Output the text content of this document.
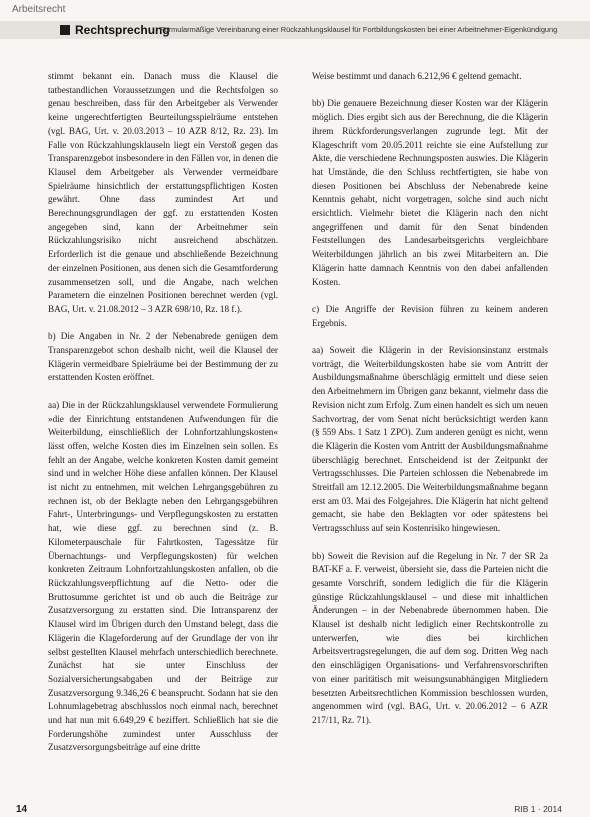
Arbeitsrecht
Rechtsprechung
Formularmäßige Vereinbarung einer Rückzahlungsklausel für Fortbildungskosten bei einer Arbeitnehmer-Eigenkündigung

stimmt bekannt ein. Danach muss die Klausel die tatbestandlichen Voraussetzungen und die Rechtsfolgen so genau beschreiben, dass für den Arbeitgeber als Verwender keine ungerechtfertigten Beurteilungsspielräume entstehen (vgl. BAG, Urt. v. 20.03.2013 – 10 AZR 8/12, Rz. 23). Im Falle von Rückzahlungsklauseln liegt ein Verstoß gegen das Transparenzgebot insbesondere in den Fällen vor, in denen die Klausel dem Arbeitgeber als Verwender vermeidbare Spielräume hinsichtlich der erstattungspflichtigen Kosten gewährt. Ohne dass zumindest Art und Berechnungsgrundlagen der ggf. zu erstattenden Kosten angegeben sind, kann der Arbeitnehmer sein Rückzahlungsrisiko nicht ausreichend abschätzen. Erforderlich ist die genaue und abschließende Bezeichnung der einzelnen Positionen, aus denen sich die Gesamtforderung zusammensetzen soll, und die Angabe, nach welchen Parametern die einzelnen Positionen berechnet werden (vgl. BAG, Urt. v. 21.08.2012 – 3 AZR 698/10, Rz. 18 f.).

b) Die Angaben in Nr. 2 der Nebenabrede genügen dem Transparenzgebot schon deshalb nicht, weil die Klausel der Klägerin vermeidbare Spielräume bei der Bestimmung der zu erstattenden Kosten eröffnet.

aa) Die in der Rückzahlungsklausel verwendete Formulierung »die der Einrichtung entstandenen Aufwendungen für die Weiterbildung, einschließlich der Lohnfortzahlungskosten« lässt offen, welche Kosten dies im Einzelnen sein sollen. Es fehlt an der Angabe, welche konkreten Kosten damit gemeint sind und in welcher Höhe diese anfallen können. Der Klausel ist nicht zu entnehmen, mit welchen Lehrgangsgebühren zu rechnen ist, ob der Beklagte neben den Lehrgangsgebühren Fahrt-, Unterbringungs- und Verpflegungskosten zu erstatten hat, wie diese ggf. zu berechnen sind (z. B. Kilometerpauschale für Fahrtkosten, Tagessätze für Übernachtungs- und Verpflegungskosten) für welchen konkreten Zeitraum Lohnfortzahlungskosten anfallen, ob die Rückzahlungsverpflichtung auf die Netto- oder die Bruttosumme gerichtet ist und ob auch die Beiträge zur Zusatzversorgung zu erstatten sind. Die Intransparenz der Klausel wird im Übrigen durch den Umstand belegt, dass die Klägerin die Klageforderung auf der Grundlage der von ihr selbst gestellten Klausel mehrfach unterschiedlich berechnete. Zunächst hat sie unter Einschluss der Sozialversicherungsabgaben und der Beiträge zur Zusatzversorgung 9.346,26 € beansprucht. Sodann hat sie den Lohnumlagebetrag abschlusslos noch einmal nach, berechnet und hat nun mit 6.649,29 € beziffert. Schließlich hat sie die Forderungshöhe zumindest unter Ausschluss der Zusatzversorgungsbeiträge auf eine dritte

Weise bestimmt und danach 6.212,96 € geltend gemacht.

bb) Die genauere Bezeichnung dieser Kosten war der Klägerin möglich. Dies ergibt sich aus der Berechnung, die die Klägerin ihrem Rückforderungsverlangen zugrunde legt. Mit der Klageschrift vom 20.05.2011 reichte sie eine Aufstellung zur Akte, die verschiedene Rechnungsposten auswies. Die Klägerin hat Umstände, die den Schluss rechtfertigten, sie habe von diesen Positionen bei Abschluss der Nebenabrede keine Kenntnis gehabt, nicht vorgetragen, solche sind auch nicht ersichtlich. Vielmehr bietet die Klägerin nach den nicht angegriffenen und damit für den Senat bindenden Feststellungen des Landesarbeitsgerichts vergleichbare Weiterbildungen jährlich an bis zwei Mitarbeitern an. Die Klägerin hatte damnach Kenntnis von den dabei anfallenden Kosten.

c) Die Angriffe der Revision führen zu keinem anderen Ergebnis.

aa) Soweit die Klägerin in der Revisionsinstanz erstmals vorträgt, die Weiterbildungskosten habe sie vom Antritt der Ausbildungsmaßnahme überschlägig ermittelt und diese seien den Arbeitnehmern im Übrigen ganz bekannt, vielmehr dass die Revision nicht zum Erfolg. Zum einen handelt es sich um neuen Sachvortrag, der vom Senat nicht berücksichtigt werden kann (§ 559 Abs. 1 Satz 1 ZPO). Zum anderen genügt es nicht, wenn die Klägerin die Kosten vom Antritt der Ausbildungsmaßnahme überschlägig berechnet. Entscheidend ist der Zeitpunkt der Vertragsschlusses. Die Parteien schlossen die Nebenabrede im Streitfall am 12.12.2005. Die Weiterbildungsmaßnahme begann erst am 03. Mai des Folgejahres. Die Klägerin hat nicht geltend gemacht, sie habe den Beklagten vor oder spätestens bei Vertragsschluss auf sein Kostenrisiko hingewiesen.

bb) Soweit die Revision auf die Regelung in Nr. 7 der SR 2a BAT-KF a. F. verweist, übersieht sie, dass die Parteien nicht die gesamte Vorschrift, sondern lediglich die für die Klägerin günstige Rückzahlungsklausel – und diese mit inhaltlichen Änderungen – in der Nebenabrede übernommen haben. Die Klausel ist deshalb nicht lediglich einer Rechtskontrolle zu unterwerfen, wie dies bei kirchlichen Arbeitsvertragsregelungen, die auf dem sog. Dritten Weg nach den einschlägigen Organisations- und Verfahrensvorschriften von einer paritätisch mit weisungsunabhängigen Mitgliedern besetzten Arbeitsrechtlichen Kommission beschlossen wurden, angenommen wird (vgl. BAG, Urt. v. 20.06.2012 – 6 AZR 217/11, Rz. 71).

14	RIB 1 · 2014
